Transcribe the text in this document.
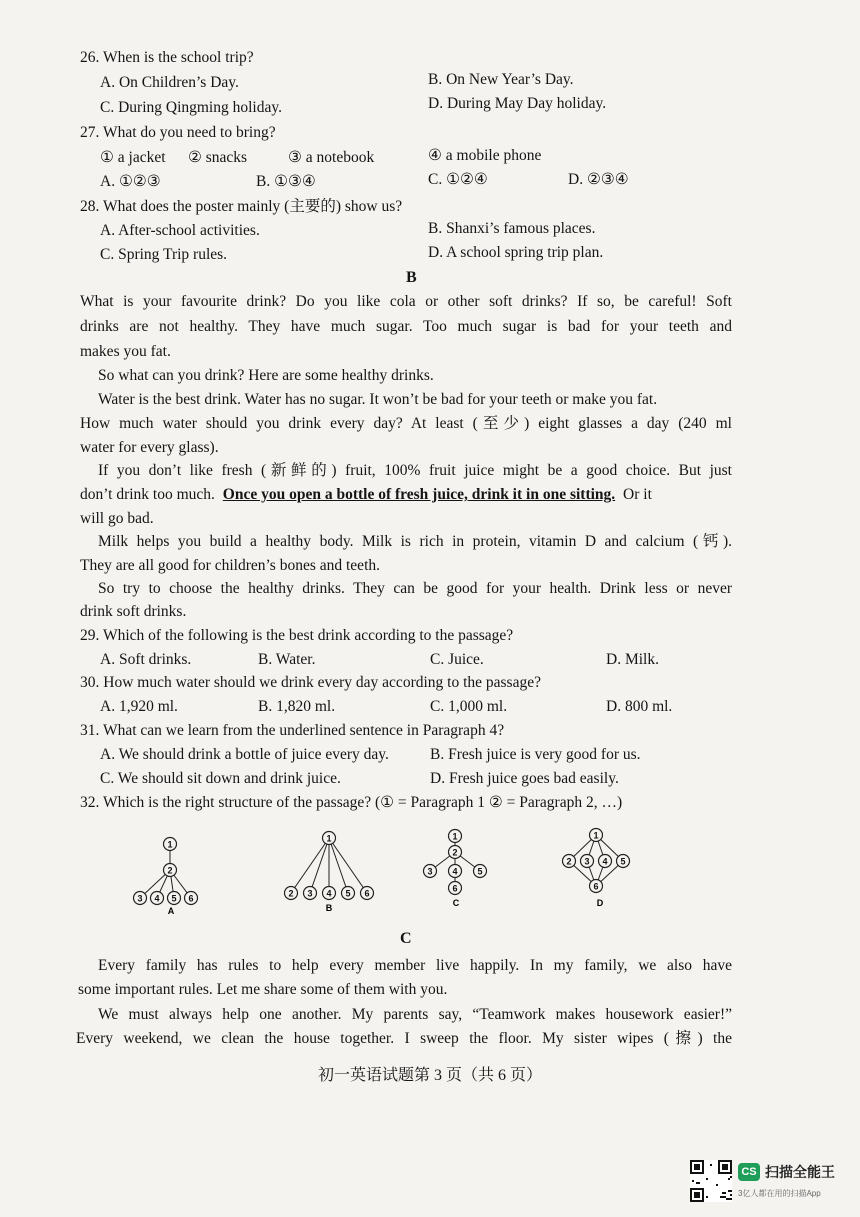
26. When is the school trip?
A. On Children’s Day.	B. On New Year’s Day.
C. During Qingming holiday.	D. During May Day holiday.
27. What do you need to bring?
① a jacket ② snacks	③ a notebook	④ a mobile phone
A. ①②③	B. ①③④	C. ①②④	D. ②③④
28. What does the poster mainly (主要的) show us?
A. After-school activities.	B. Shanxi’s famous places.
C. Spring Trip rules.	D. A school spring trip plan.
B
What is your favourite drink? Do you like cola or other soft drinks? If so, be careful! Soft
drinks are not healthy. They have much sugar. Too much sugar is bad for your teeth and
makes you fat.
So what can you drink? Here are some healthy drinks.
Water is the best drink. Water has no sugar. It won’t be bad for your teeth or make you fat.
How much water should you drink every day? At least (至少) eight glasses a day (240 ml
water for every glass).
If you don’t like fresh (新鲜的) fruit, 100% fruit juice might be a good choice. But just
don’t drink too much. Once you open a bottle of fresh juice, drink it in one sitting. Or it
will go bad.
Milk helps you build a healthy body. Milk is rich in protein, vitamin D and calcium (钙).
They are all good for children’s bones and teeth.
So try to choose the healthy drinks. They can be good for your health. Drink less or never
drink soft drinks.
29. Which of the following is the best drink according to the passage?
A. Soft drinks.	B. Water.	C. Juice.	D. Milk.
30. How much water should we drink every day according to the passage?
A. 1,920 ml.	B. 1,820 ml.	C. 1,000 ml.	D. 800 ml.
31. What can we learn from the underlined sentence in Paragraph 4?
A. We should drink a bottle of juice every day.	B. Fresh juice is very good for us.
C. We should sit down and drink juice.	D. Fresh juice goes bad easily.
32. Which is the right structure of the passage? (① = Paragraph 1 ② = Paragraph 2, …)
1
2
3 4 5 6
A
1
2 3 4 5 6
B
1
2
3 4 5
6
C
1
2 3 4 5
6
D
C
Every family has rules to help every member live happily. In my family, we also have
some important rules. Let me share some of them with you.
We must always help one another. My parents say, “Teamwork makes housework easier!”
Every weekend, we clean the house together. I sweep the floor. My sister wipes (擦) the
初一英语试题第 3 页（共 6 页）
CS 扫描全能王
3亿人都在用的扫描App
